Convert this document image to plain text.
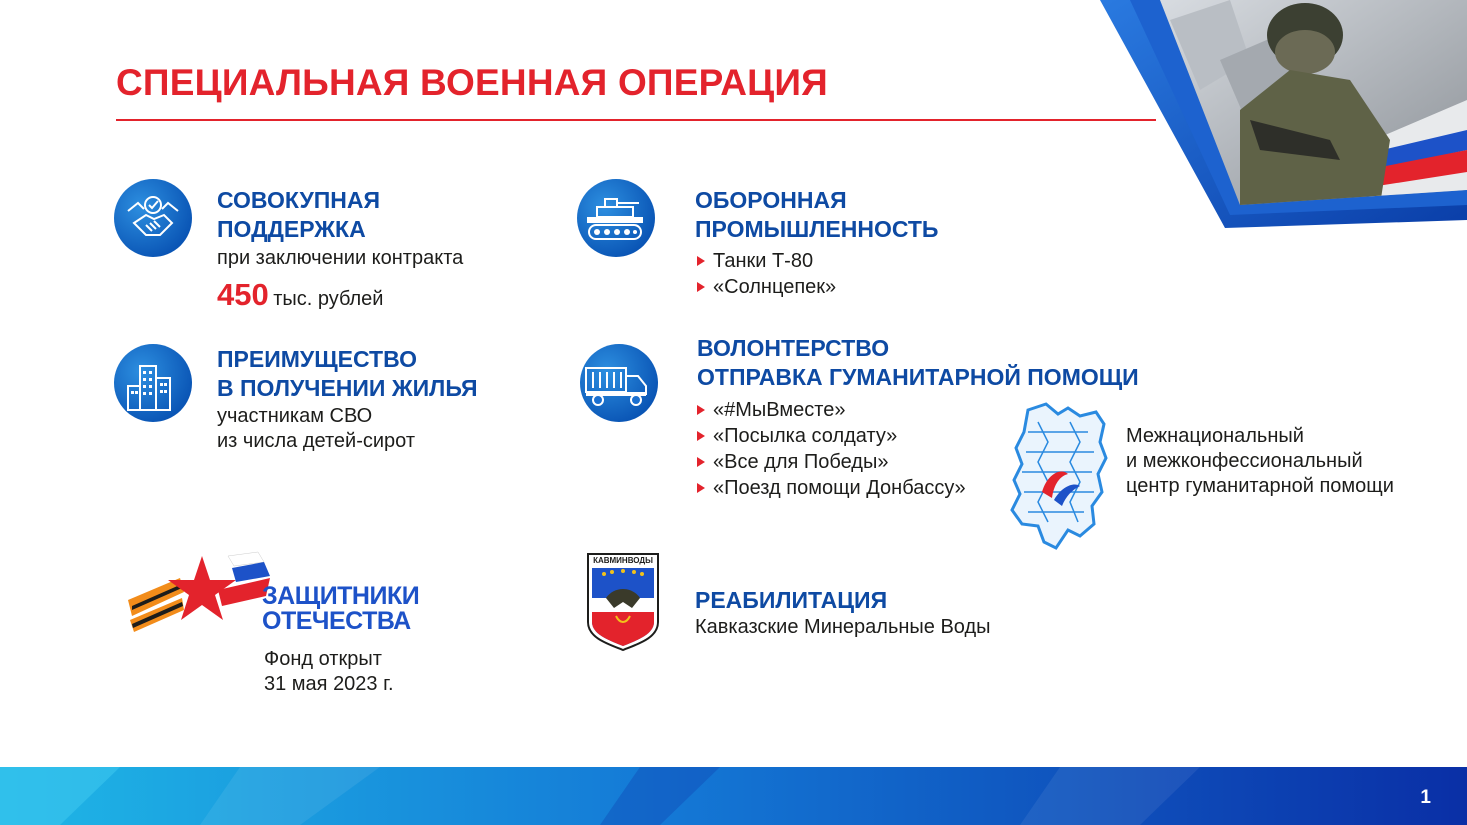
СПЕЦИАЛЬНАЯ ВОЕННАЯ ОПЕРАЦИЯ
СОВОКУПНАЯ
ПОДДЕРЖКА
при заключении контракта
450 тыс. рублей
ПРЕИМУЩЕСТВО
В ПОЛУЧЕНИИ ЖИЛЬЯ
участникам СВО
из числа детей-сирот
ОБОРОННАЯ
ПРОМЫШЛЕННОСТЬ
Танки Т-80
«Солнцепек»
ВОЛОНТЕРСТВО
ОТПРАВКА ГУМАНИТАРНОЙ ПОМОЩИ
«#МыВместе»
«Посылка солдату»
«Все для Победы»
«Поезд помощи Донбассу»
Межнациональный
и межконфессиональный
центр гуманитарной помощи
ЗАЩИТНИКИ
ОТЕЧЕСТВА
Фонд открыт
31 мая 2023 г.
КАВМИНВОДЫ
РЕАБИЛИТАЦИЯ
Кавказские Минеральные Воды
1
